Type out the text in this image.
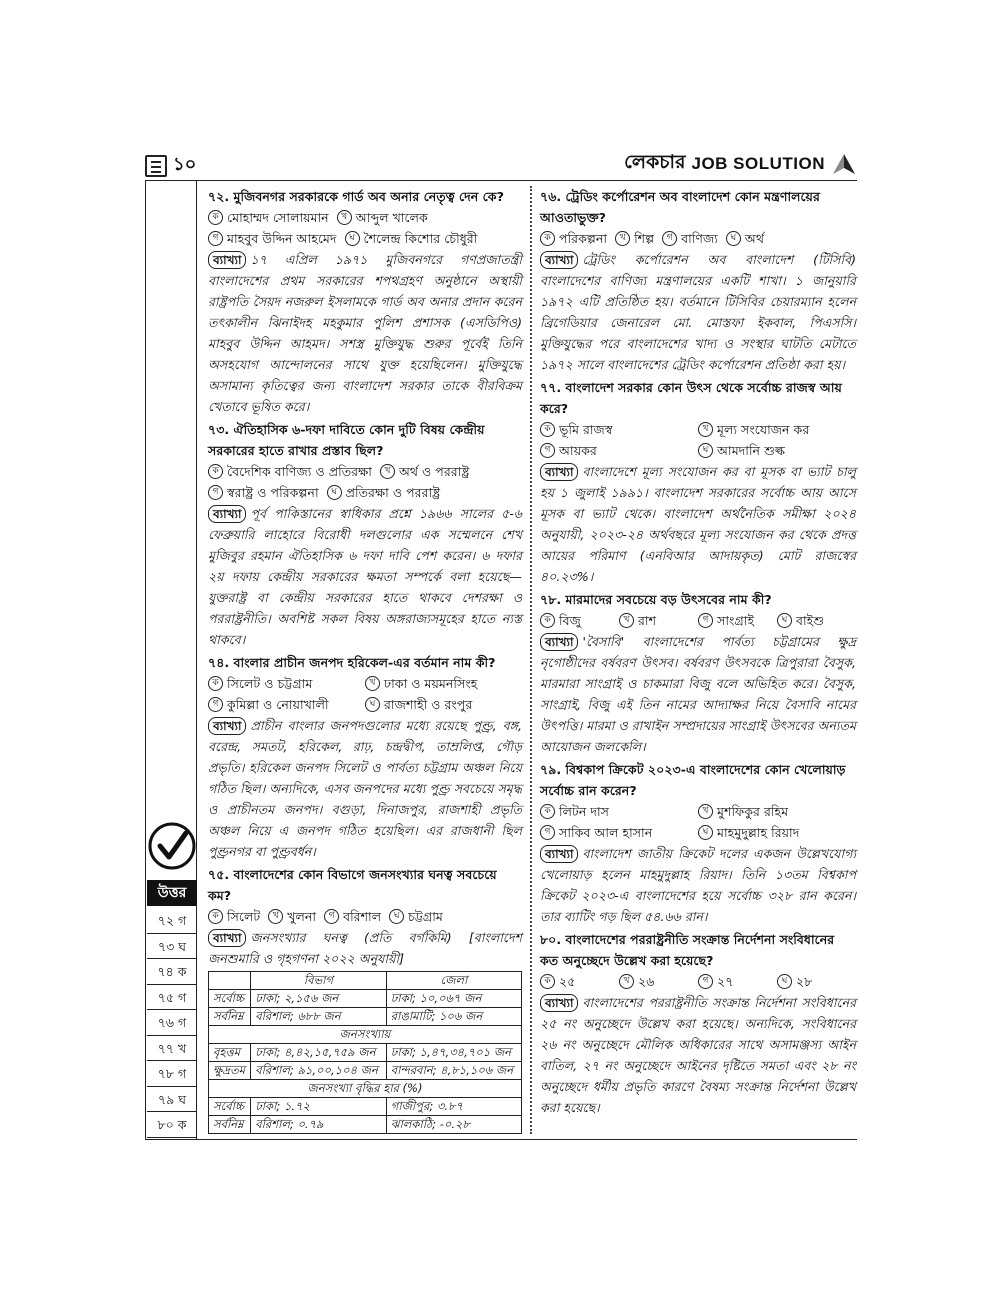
১০	লেকচার JOB SOLUTION
৭২. মুজিবনগর সরকারকে গার্ড অব অনার নেতৃত্ব দেন কে?
ক মোহাম্মদ সোলায়মান	খ আব্দুল খালেক
গ মাহবুব উদ্দিন আহমেদ	ঘ শৈলেন্দ্র কিশোর চৌধুরী
ব্যাখ্যা ১৭ এপ্রিল ১৯৭১ মুজিবনগরে গণপ্রজাতন্ত্রী বাংলাদেশের প্রথম সরকারের শপথগ্রহণ অনুষ্ঠানে অস্থায়ী রাষ্ট্রপতি সৈয়দ নজরুল ইসলামকে গার্ড অব অনার প্রদান করেন তৎকালীন ঝিনাইদহ মহকুমার পুলিশ প্রশাসক (এসডিপিও) মাহবুব উদ্দিন আহমদ। সশস্ত্র মুক্তিযুদ্ধ শুরুর পূর্বেই তিনি অসহযোগ আন্দোলনের সাথে যুক্ত হয়েছিলেন। মুক্তিযুদ্ধে অসামান্য কৃতিত্বের জন্য বাংলাদেশ সরকার তাকে বীরবিক্রম খেতাবে ভূষিত করে।
৭৩. ঐতিহাসিক ৬-দফা দাবিতে কোন দুটি বিষয় কেন্দ্রীয় সরকারের হাতে রাখার প্রস্তাব ছিল?
ক বৈদেশিক বাণিজ্য ও প্রতিরক্ষা	খ অর্থ ও পররাষ্ট্র
গ স্বরাষ্ট্র ও পরিকল্পনা	ঘ প্রতিরক্ষা ও পররাষ্ট্র
ব্যাখ্যা পূর্ব পাকিস্তানের স্বাধিকার প্রশ্নে ১৯৬৬ সালের ৫-৬ ফেব্রুয়ারি লাহোরে বিরোধী দলগুলোর এক সম্মেলনে শেখ মুজিবুর রহমান ঐতিহাসিক ৬ দফা দাবি পেশ করেন। ৬ দফার ২য় দফায় কেন্দ্রীয় সরকারের ক্ষমতা সম্পর্কে বলা হয়েছে— যুক্তরাষ্ট্র বা কেন্দ্রীয় সরকারের হাতে থাকবে দেশরক্ষা ও পররাষ্ট্রনীতি। অবশিষ্ট সকল বিষয় অঙ্গরাজ্যসমূহের হাতে ন্যস্ত থাকবে।
৭৪. বাংলার প্রাচীন জনপদ হরিকেল-এর বর্তমান নাম কী?
ক সিলেট ও চট্টগ্রাম	খ ঢাকা ও ময়মনসিংহ
গ কুমিল্লা ও নোয়াখালী	ঘ রাজশাহী ও রংপুর
ব্যাখ্যা প্রাচীন বাংলার জনপদগুলোর মধ্যে রয়েছে পুণ্ড্র, বঙ্গ, বরেন্দ্র, সমতট, হরিকেল, রাঢ়, চন্দ্রদ্বীপ, তাম্রলিপ্ত, গৌড় প্রভৃতি। হরিকেল জনপদ সিলেট ও পার্বত্য চট্টগ্রাম অঞ্চল নিয়ে গঠিত ছিল। অন্যদিকে, এসব জনপদের মধ্যে পুণ্ড্র সবচেয়ে সমৃদ্ধ ও প্রাচীনতম জনপদ। বগুড়া, দিনাজপুর, রাজশাহী প্রভৃতি অঞ্চল নিয়ে এ জনপদ গঠিত হয়েছিল। এর রাজধানী ছিল পুণ্ড্রনগর বা পুণ্ড্রবর্ধন।
৭৫. বাংলাদেশের কোন বিভাগে জনসংখ্যার ঘনত্ব সবচেয়ে কম?
ক সিলেট	খ খুলনা	গ বরিশাল	ঘ চট্টগ্রাম
ব্যাখ্যা জনসংখ্যার ঘনত্ব (প্রতি বর্গকিমি) [বাংলাদেশ জনশুমারি ও গৃহগণনা ২০২২ অনুযায়ী]
	বিভাগ	জেলা
সর্বোচ্চ	ঢাকা; ২,১৫৬ জন	ঢাকা; ১০,০৬৭ জন
সর্বনিম্ন	বরিশাল; ৬৮৮ জন	রাঙামাটি; ১০৬ জন
জনসংখ্যায়		
বৃহত্তম	ঢাকা; ৪,৪২,১৫,৭৫৯ জন	ঢাকা; ১,৪৭,৩৪,৭০১ জন
ক্ষুদ্রতম	বরিশাল; ৯১,০০,১০৪ জন	বান্দরবান; ৪,৮১,১০৬ জন
জনসংখ্যা বৃদ্ধির হার (%)		
সর্বোচ্চ	ঢাকা; ১.৭২	গাজীপুর; ৩.৮৭
সর্বনিম্ন	বরিশাল; ০.৭৯	ঝালকাঠি; -০.২৮
৭৬. ট্রেডিং কর্পোরেশন অব বাংলাদেশ কোন মন্ত্রণালয়ের আওতাভুক্ত?
ক পরিকল্পনা	খ শিল্প	গ বাণিজ্য	ঘ অর্থ
ব্যাখ্যা ট্রেডিং কর্পোরেশন অব বাংলাদেশ (টিসিবি) বাংলাদেশের বাণিজ্য মন্ত্রণালয়ের একটি শাখা। ১ জানুয়ারি ১৯৭২ এটি প্রতিষ্ঠিত হয়। বর্তমানে টিসিবির চেয়ারম্যান হলেন ব্রিগেডিয়ার জেনারেল মো. মোস্তফা ইকবাল, পিএসসি। মুক্তিযুদ্ধের পরে বাংলাদেশের খাদ্য ও সংস্থার ঘাটতি মেটাতে ১৯৭২ সালে বাংলাদেশের ট্রেডিং কর্পোরেশন প্রতিষ্ঠা করা হয়।
৭৭. বাংলাদেশ সরকার কোন উৎস থেকে সর্বোচ্চ রাজস্ব আয় করে?
ক ভূমি রাজস্ব	খ মূল্য সংযোজন কর
গ আয়কর	ঘ আমদানি শুল্ক
ব্যাখ্যা বাংলাদেশে মূল্য সংযোজন কর বা মূসক বা ভ্যাট চালু হয় ১ জুলাই ১৯৯১। বাংলাদেশ সরকারের সর্বোচ্চ আয় আসে মূসক বা ভ্যাট থেকে। বাংলাদেশ অর্থনৈতিক সমীক্ষা ২০২৪ অনুযায়ী, ২০২৩-২৪ অর্থবছরে মূল্য সংযোজন কর থেকে প্রদত্ত আয়ের পরিমাণ (এনবিআর আদায়কৃত) মোট রাজস্বের ৪০.২৩%।
৭৮. মারমাদের সবচেয়ে বড় উৎসবের নাম কী?
ক বিজু	খ রাশ	গ সাংগ্রাই	ঘ বাইশু
ব্যাখ্যা 'বৈসাবি' বাংলাদেশের পার্বত্য চট্টগ্রামের ক্ষুদ্র নৃগোষ্ঠীদের বর্ষবরণ উৎসব। বর্ষবরণ উৎসবকে ত্রিপুরারা বৈসুক, মারমারা সাংগ্রাই ও চাকমারা বিজু বলে অভিহিত করে। বৈসুক, সাংগ্রাই, বিজু এই তিন নামের আদ্যাক্ষর নিয়ে বৈসাবি নামের উৎপত্তি। মারমা ও রাখাইন সম্প্রদায়ের সাংগ্রাই উৎসবের অন্যতম আয়োজন জলকেলি।
৭৯. বিশ্বকাপ ক্রিকেট ২০২৩-এ বাংলাদেশের কোন খেলোয়াড় সর্বোচ্চ রান করেন?
ক লিটন দাস	খ মুশফিকুর রহিম
গ সাকিব আল হাসান	ঘ মাহমুদুল্লাহ রিয়াদ
ব্যাখ্যা বাংলাদেশ জাতীয় ক্রিকেট দলের একজন উল্লেখযোগ্য খেলোয়াড় হলেন মাহমুদুল্লাহ রিয়াদ। তিনি ১৩তম বিশ্বকাপ ক্রিকেট ২০২৩-এ বাংলাদেশের হয়ে সর্বোচ্চ ৩২৮ রান করেন। তার ব্যাটিং গড় ছিল ৫৪.৬৬ রান।
৮০. বাংলাদেশের পররাষ্ট্রনীতি সংক্রান্ত নির্দেশনা সংবিধানের কত অনুচ্ছেদে উল্লেখ করা হয়েছে?
ক ২৫	খ ২৬	গ ২৭	ঘ ২৮
ব্যাখ্যা বাংলাদেশের পররাষ্ট্রনীতি সংক্রান্ত নির্দেশনা সংবিধানের ২৫ নং অনুচ্ছেদে উল্লেখ করা হয়েছে। অন্যদিকে, সংবিধানের ২৬ নং অনুচ্ছেদে মৌলিক অধিকারের সাথে অসামঞ্জস্য আইন বাতিল, ২৭ নং অনুচ্ছেদে আইনের দৃষ্টিতে সমতা এবং ২৮ নং অনুচ্ছেদে ধর্মীয় প্রভৃতি কারণে বৈষম্য সংক্রান্ত নির্দেশনা উল্লেখ করা হয়েছে।
উত্তর
৭২ গ
৭৩ ঘ
৭৪ ক
৭৫ গ
৭৬ গ
৭৭ খ
৭৮ গ
৭৯ ঘ
৮০ ক
